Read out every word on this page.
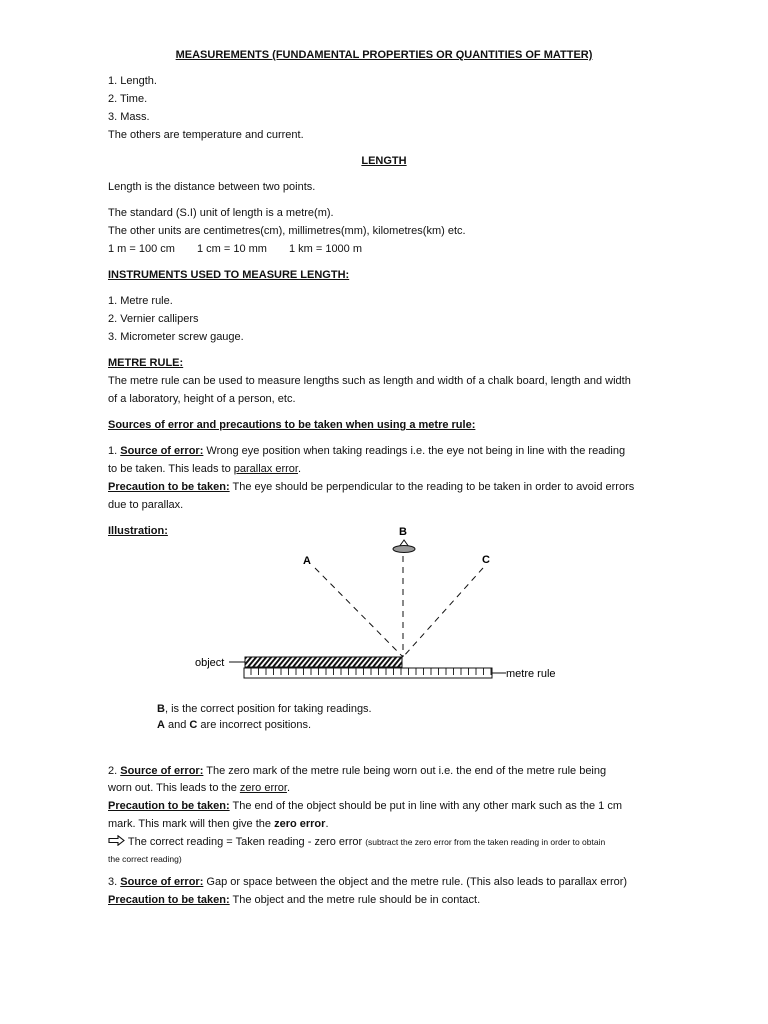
MEASUREMENTS (FUNDAMENTAL PROPERTIES OR QUANTITIES OF MATTER)
1. Length.
2. Time.
3. Mass.
The others are temperature and current.
LENGTH
Length is the distance between two points.
The standard (S.I) unit of length is a metre(m).
The other units are centimetres(cm), millimetres(mm), kilometres(km) etc.
1 m = 100 cm 1 cm = 10 mm 1 km = 1000 m
INSTRUMENTS USED TO MEASURE LENGTH:
1. Metre rule.
2. Vernier callipers
3. Micrometer screw gauge.
METRE RULE:
The metre rule can be used to measure lengths such as length and width of a chalk board, length and width
of a laboratory, height of a person, etc.
Sources of error and precautions to be taken when using a metre rule:
1. Source of error: Wrong eye position when taking readings i.e. the eye not being in line with the reading
to be taken. This leads to parallax error.
Precaution to be taken: The eye should be perpendicular to the reading to be taken in order to avoid errors
due to parallax.
Illustration:	B
A	C
object
metre rule
B, is the correct position for taking readings.
A and C are incorrect positions.
2. Source of error: The zero mark of the metre rule being worn out i.e. the end of the metre rule being
worn out. This leads to the zero error.
Precaution to be taken: The end of the object should be put in line with any other mark such as the 1 cm
mark. This mark will then give the zero error.
The correct reading = Taken reading - zero error (subtract the zero error from the taken reading in order to obtain
the correct reading)
3. Source of error: Gap or space between the object and the metre rule. (This also leads to parallax error)
Precaution to be taken: The object and the metre rule should be in contact.
